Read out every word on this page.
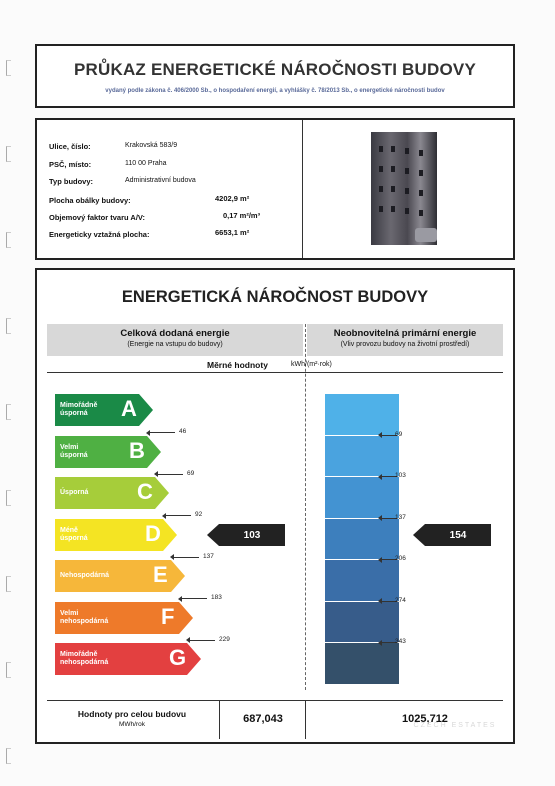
PRŮKAZ ENERGETICKÉ NÁROČNOSTI BUDOVY
vydaný podle zákona č. 406/2000 Sb., o hospodaření energií, a vyhlášky č. 78/2013 Sb., o energetické náročnosti budov
Ulice, číslo:	Krakovská 583/9
PSČ, místo:	110 00 Praha
Typ budovy:	Administrativní budova
Plocha obálky budovy:	4202,9 m²
Objemový faktor tvaru A/V:	0,17 m²/m³
Energeticky vztažná plocha:	6653,1 m²
ENERGETICKÁ NÁROČNOST BUDOVY
Celková dodaná energie
(Energie na vstupu do budovy)
Neobnovitelná primární energie
(Vliv provozu budovy na životní prostředí)
Měrné hodnoty	kWh/(m²·rok)
Mimořádně
úsporná	A
46
Velmi
úsporná B
69
Úsporná C
92
Méně úsporná	D
137
Nehospodárná E
183
Velmi
nehospodárná F
229
Mimořádně
nehospodárná	G
69
103
137
206
274
343
103	154
Hodnoty pro celou budovu
MWh/rok	687,043	1025,712
CZECH ESTATES
